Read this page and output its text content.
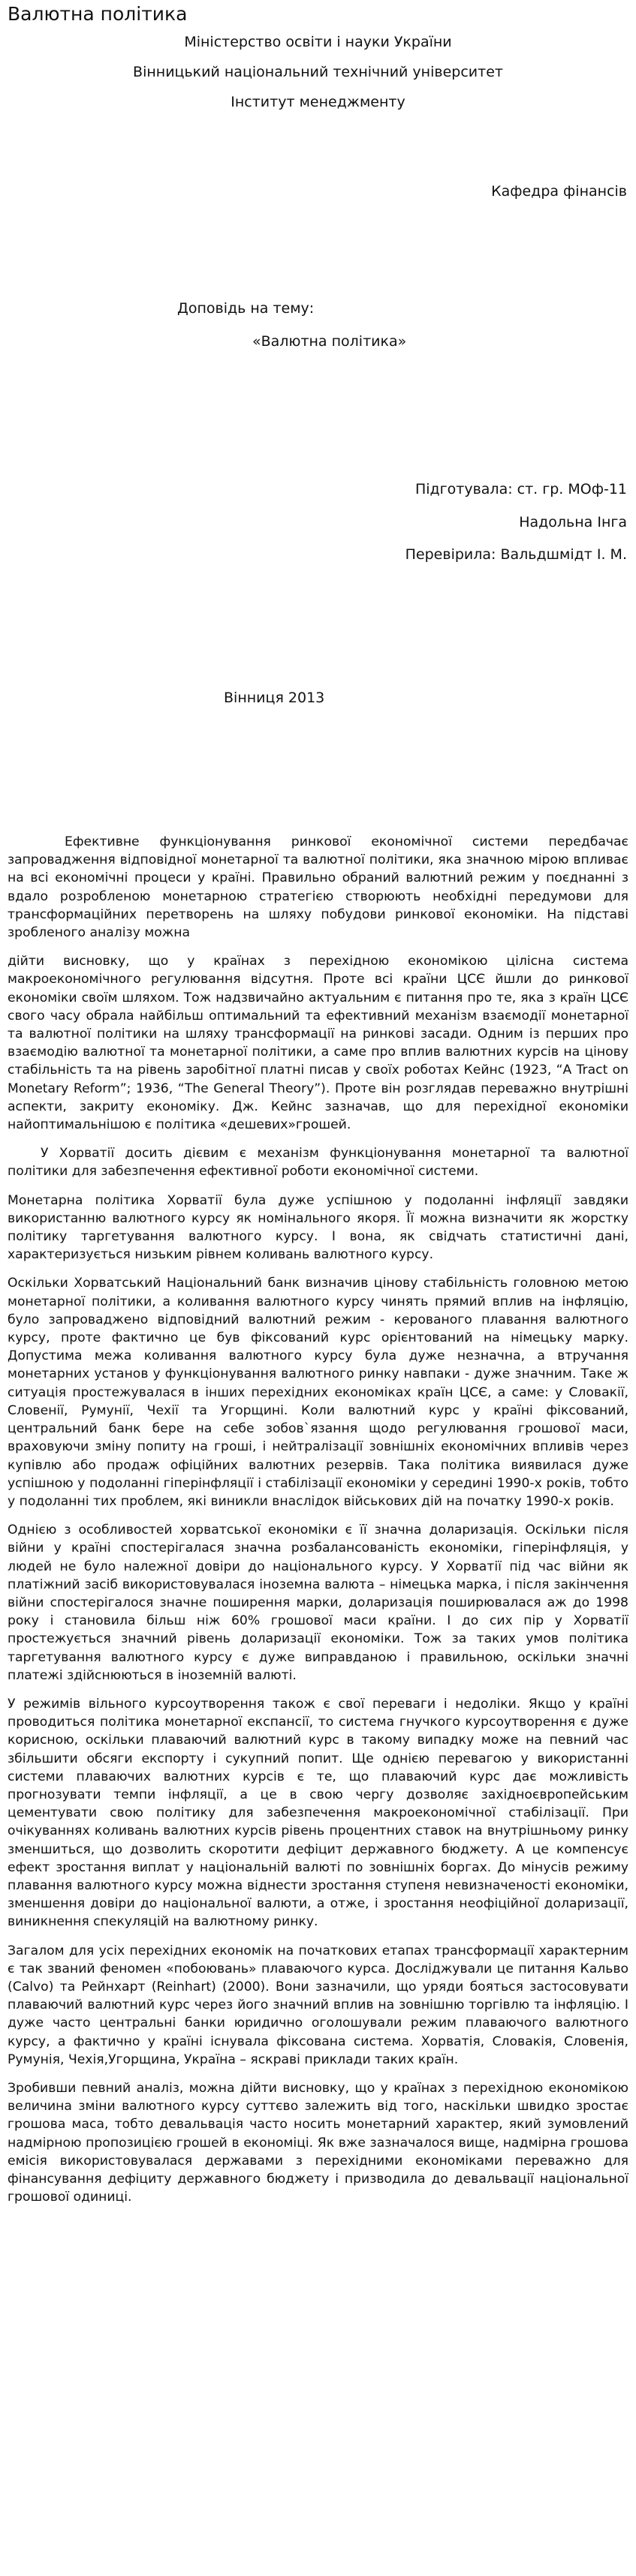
Валютна політика
Міністерство освіти і науки України
Вінницький національний технічний університет
Інститут менеджменту
Кафедра фінансів
Доповідь на тему:
«Валютна політика»
Підготувала: ст. гр. МОф-11
Надольна Інга
Перевірила: Вальдшмідт І. М.
Вінниця 2013

Ефективне функціонування ринкової економічної системи передбачає запровадження відповідної монетарної та валютної політики, яка значною мірою впливає на всі економічні процеси у країні. Правильно обраний валютний режим у поєднанні з вдало розробленою монетарною стратегією створюють необхідні передумови для трансформаційних перетворень на шляху побудови ринкової економіки. На підставі зробленого аналізу можна

дійти висновку, що у країнах з перехідною економікою цілісна система макроекономічного регулювання відсутня. Проте всі країни ЦСЄ йшли до ринкової економіки своїм шляхом. Тож надзвичайно актуальним є питання про те, яка з країн ЦСЄ свого часу обрала найбільш оптимальний та ефективний механізм взаємодії монетарної та валютної політики на шляху трансформації на ринкові засади. Одним із перших про взаємодію валютної та монетарної політики, а саме про вплив валютних курсів на цінову стабільність та на рівень заробітної платні писав у своїх роботах Кейнс (1923, “A Tract on Monetary Reform”; 1936, “The General Theory”). Проте він розглядав переважно внутрішні аспекти, закриту економіку. Дж. Кейнс зазначав, що для перехідної економіки найоптимальнішою є політика «дешевих»грошей.

У Хорватії досить дієвим є механізм функціонування монетарної та валютної політики для забезпечення ефективної роботи економічної системи.

Монетарна політика Хорватії була дуже успішною у подоланні інфляції завдяки використанню валютного курсу як номінального якоря. Її можна визначити як жорстку політику таргетування валютного курсу. І вона, як свідчать статистичні дані, характеризується низьким рівнем коливань валютного курсу.

Оскільки Хорватський Національний банк визначив цінову стабільність головною метою монетарної політики, а коливання валютного курсу чинять прямий вплив на інфляцію, було запроваджено відповідний валютний режим - керованого плавання валютного курсу, проте фактично це був фіксований курс орієнтований на німецьку марку. Допустима межа коливання валютного курсу була дуже незначна, а втручання монетарних установ у функціонування валютного ринку навпаки - дуже значним. Таке ж ситуація простежувалася в інших перехідних економіках країн ЦСЄ, а саме: у Словакії, Словенії, Румунії, Чехії та Угорщині. Коли валютний курс у країні фіксований, центральний банк бере на себе зобов`язання щодо регулювання грошової маси, враховуючи зміну попиту на гроші, і нейтралізації зовнішніх економічних впливів через купівлю або продаж офіційних валютних резервів. Така політика виявилася дуже успішною у подоланні гіперінфляції і стабілізації економіки у середині 1990-х років, тобто у подоланні тих проблем, які виникли внаслідок військових дій на початку 1990-х років.

Однією з особливостей хорватської економіки є її значна доларизація. Оскільки після війни у країні спостерігалася значна розбалансованість економіки, гіперінфляція, у людей не було належної довіри до національного курсу. У Хорватії під час війни як платіжний засіб використовувалася іноземна валюта – німецька марка, і після закінчення війни спостерігалося значне поширення марки, доларизація поширювалася аж до 1998 року і становила більш ніж 60% грошової маси країни. І до сих пір у Хорватії простежується значний рівень доларизації економіки. Тож за таких умов політика таргетування валютного курсу є дуже виправданою і правильною, оскільки значні платежі здійснюються в іноземній валюті.

У режимів вільного курсоутворення також є свої переваги і недоліки. Якщо у країні проводиться політика монетарної експансії, то система гнучкого курсоутворення є дуже корисною, оскільки плаваючий валютний курс в такому випадку може на певний час збільшити обсяги експорту і сукупний попит. Ще однією перевагою у використанні системи плаваючих валютних курсів є те, що плаваючий курс дає можливість прогнозувати темпи інфляції, а це в свою чергу дозволяє західноєвропейським цементувати свою політику для забезпечення макроекономічної стабілізації. При очікуваннях коливань валютних курсів рівень процентних ставок на внутрішньому ринку зменшиться, що дозволить скоротити дефіцит державного бюджету. А це компенсує ефект зростання виплат у національній валюті по зовнішніх боргах. До мінусів режиму плавання валютного курсу можна віднести зростання ступеня невизначеності економіки, зменшення довіри до національної валюти, а отже, і зростання неофіційної доларизації, виникнення спекуляцій на валютному ринку.

Загалом для усіх перехідних економік на початкових етапах трансформації характерним є так званий феномен «побоювань» плаваючого курса. Досліджували це питання Кальво (Calvo) та Рейнхарт (Reinhart) (2000). Вони зазначили, що уряди бояться застосовувати плаваючий валютний курс через його значний вплив на зовнішню торгівлю та інфляцію. І дуже часто центральні банки юридично оголошували режим плаваючого валютного курсу, а фактично у країні існувала фіксована система. Хорватія, Словакія, Словенія, Румунія, Чехія,Угорщина, Україна – яскраві приклади таких країн.

Зробивши певний аналіз, можна дійти висновку, що у країнах з перехідною економікою величина зміни валютного курсу суттєво залежить від того, наскільки швидко зростає грошова маса, тобто девальвація часто носить монетарний характер, який зумовлений надмірною пропозицією грошей в економіці. Як вже зазначалося вище, надмірна грошова емісія використовувалася державами з перехідними економіками переважно для фінансування дефіциту державного бюджету і призводила до девальвації національної грошової одиниці.
